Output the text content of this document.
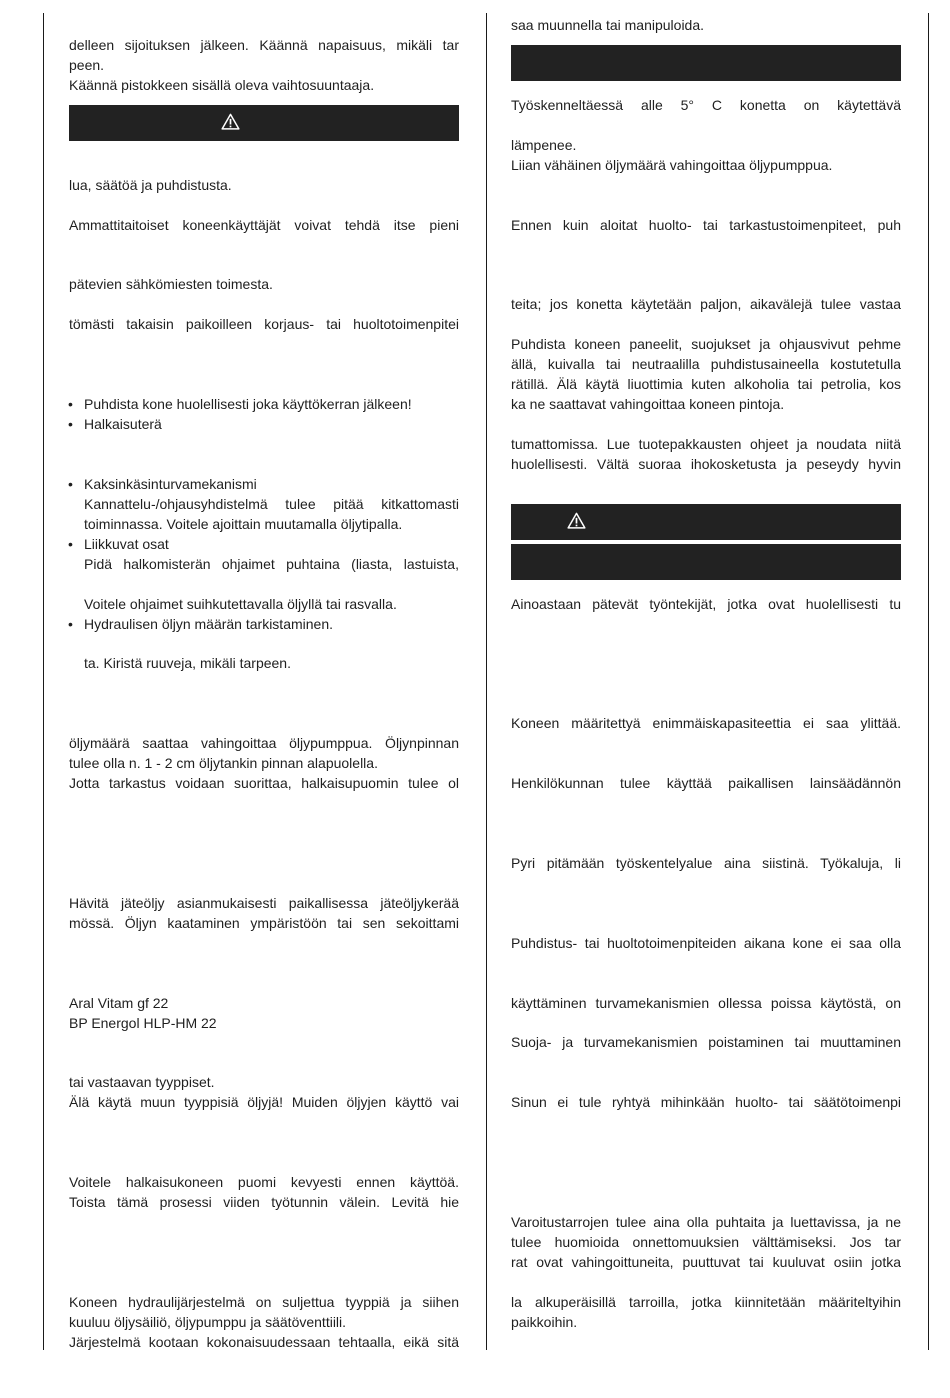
delleen sijoituksen jälkeen. Käännä napaisuus, mikäli tar
peen.
Käännä pistokkeen sisällä oleva vaihtosuuntaaja.
lua, säätöä ja puhdistusta.
Ammattitaitoiset koneenkäyttäjät voivat tehdä itse pieni
pätevien sähkömiesten toimesta.
tömästi takaisin paikoilleen korjaus- tai huoltotoimenpitei
• Puhdista kone huolellisesti joka käyttökerran jälkeen!
• Halkaisuterä
• Kaksinkäsinturvamekanismi
Kannattelu-/ohjausyhdistelmä tulee pitää kitkattomasti
toiminnassa. Voitele ajoittain muutamalla öljytipalla.
• Liikkuvat osat
Pidä halkomisterän ohjaimet puhtaina (liasta, lastuista,
Voitele ohjaimet suihkutettavalla öljyllä tai rasvalla.
• Hydraulisen öljyn määrän tarkistaminen.
ta. Kiristä ruuveja, mikäli tarpeen.
öljymäärä saattaa vahingoittaa öljypumppua. Öljynpinnan
tulee olla n. 1 - 2 cm öljytankin pinnan alapuolella.
Jotta tarkastus voidaan suorittaa, halkaisupuomin tulee ol
Hävitä jäteöljy asianmukaisesti paikallisessa jäteöljykerää
mössä. Öljyn kaataminen ympäristöön tai sen sekoittami
Aral Vitam gf 22
BP Energol HLP-HM 22
tai vastaavan tyyppiset.
Älä käytä muun tyyppisiä öljyjä! Muiden öljyjen käyttö vai
Voitele halkaisukoneen puomi kevyesti ennen käyttöä.
Toista tämä prosessi viiden työtunnin välein. Levitä hie
Koneen hydraulijärjestelmä on suljettua tyyppiä ja siihen
kuuluu öljysäiliö, öljypumppu ja säätöventtiili.
Järjestelmä kootaan kokonaisuudessaan tehtaalla, eikä sitä
saa muunnella tai manipuloida.
Työskenneltäessä alle 5° C konetta on käytettävä
lämpenee.
Liian vähäinen öljymäärä vahingoittaa öljypumppua.
Ennen kuin aloitat huolto- tai tarkastustoimenpiteet, puh
teita; jos konetta käytetään paljon, aikavälejä tulee vastaa
Puhdista koneen paneelit, suojukset ja ohjausvivut pehme
ällä, kuivalla tai neutraalilla puhdistusaineella kostutetulla
rätillä. Älä käytä liuottimia kuten alkoholia tai petrolia, kos
ka ne saattavat vahingoittaa koneen pintoja.
tumattomissa. Lue tuotepakkausten ohjeet ja noudata niitä
huolellisesti. Vältä suoraa ihokosketusta ja peseydy hyvin
Ainoastaan pätevät työntekijät, jotka ovat huolellisesti tu
Koneen määritettyä enimmäiskapasiteettia ei saa ylittää.
Henkilökunnan tulee käyttää paikallisen lainsäädännön
Pyri pitämään työskentelyalue aina siistinä. Työkaluja, li
Puhdistus- tai huoltotoimenpiteiden aikana kone ei saa olla
käyttäminen turvamekanismien ollessa poissa käytöstä, on
Suoja- ja turvamekanismien poistaminen tai muuttaminen
Sinun ei tule ryhtyä mihinkään huolto- tai säätötoimenpi
Varoitustarrojen tulee aina olla puhtaita ja luettavissa, ja ne
tulee huomioida onnettomuuksien välttämiseksi. Jos tar
rat ovat vahingoittuneita, puuttuvat tai kuuluvat osiin jotka
la alkuperäisillä tarroilla, jotka kiinnitetään määriteltyihin
paikkoihin.
